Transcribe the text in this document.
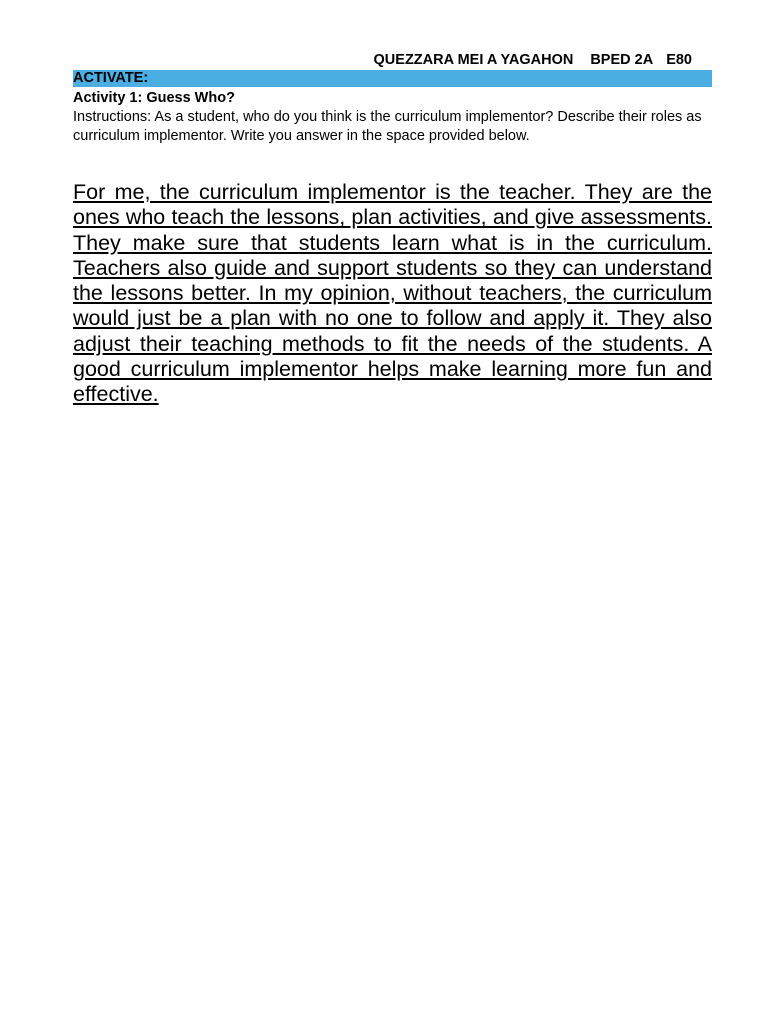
QUEZZARA MEI A YAGAHON BPED 2A E80
ACTIVATE:
Activity 1: Guess Who?
Instructions: As a student, who do you think is the curriculum implementor? Describe their roles as curriculum implementor. Write you answer in the space provided below.
For me, the curriculum implementor is the teacher. They are the ones who teach the lessons, plan activities, and give assessments. They make sure that students learn what is in the curriculum. Teachers also guide and support students so they can understand the lessons better. In my opinion, without teachers, the curriculum would just be a plan with no one to follow and apply it. They also adjust their teaching methods to fit the needs of the students. A good curriculum implementor helps make learning more fun and effective.
